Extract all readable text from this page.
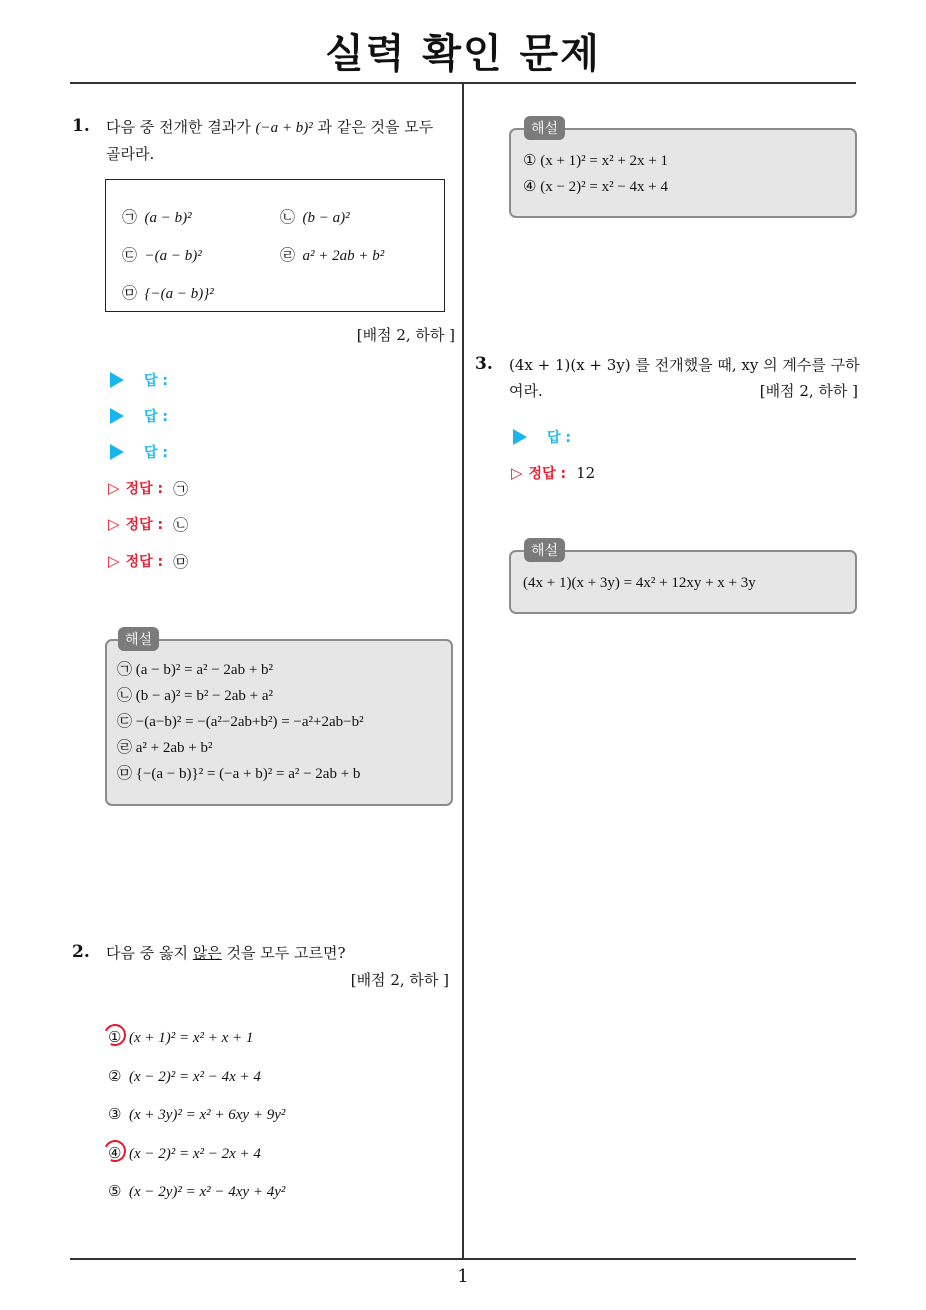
실력 확인 문제
1
1. 다음 중 전개한 결과가 (−a + b)² 과 같은 것을 모두
골라라.
㉠ (a − b)²	㉡ (b − a)²
㉢ −(a − b)²	㉣ a² + 2ab + b²
㉤ {−(a − b)}²
[배점 2, 하하 ]
답 :
답 :
답 :
▷ 정답 : ㉠
▷ 정답 : ㉡
▷ 정답 : ㉤
㉠ (a − b)² = a² − 2ab + b²
㉡ (b − a)² = b² − 2ab + a²
㉢ −(a−b)² = −(a²−2ab+b²) = −a²+2ab−b²
㉣ a² + 2ab + b²
㉤ {−(a − b)}² = (−a + b)² = a² − 2ab + b
해설
2. 다음 중 옳지 않은 것을 모두 고르면?
[배점 2, 하하 ]
① (x + 1)² = x² + x + 1
② (x − 2)² = x² − 4x + 4
③ (x + 3y)² = x² + 6xy + 9y²
④ (x − 2)² = x² − 2x + 4
⑤ (x − 2y)² = x² − 4xy + 4y²
① (x + 1)² = x² + 2x + 1
④ (x − 2)² = x² − 4x + 4
해설
3. (4x + 1)(x + 3y) 를 전개했을 때, xy 의 계수를 구하
여라.	[배점 2, 하하 ]
답 :
▷ 정답 : 12
(4x + 1)(x + 3y) = 4x² + 12xy + x + 3y
해설
